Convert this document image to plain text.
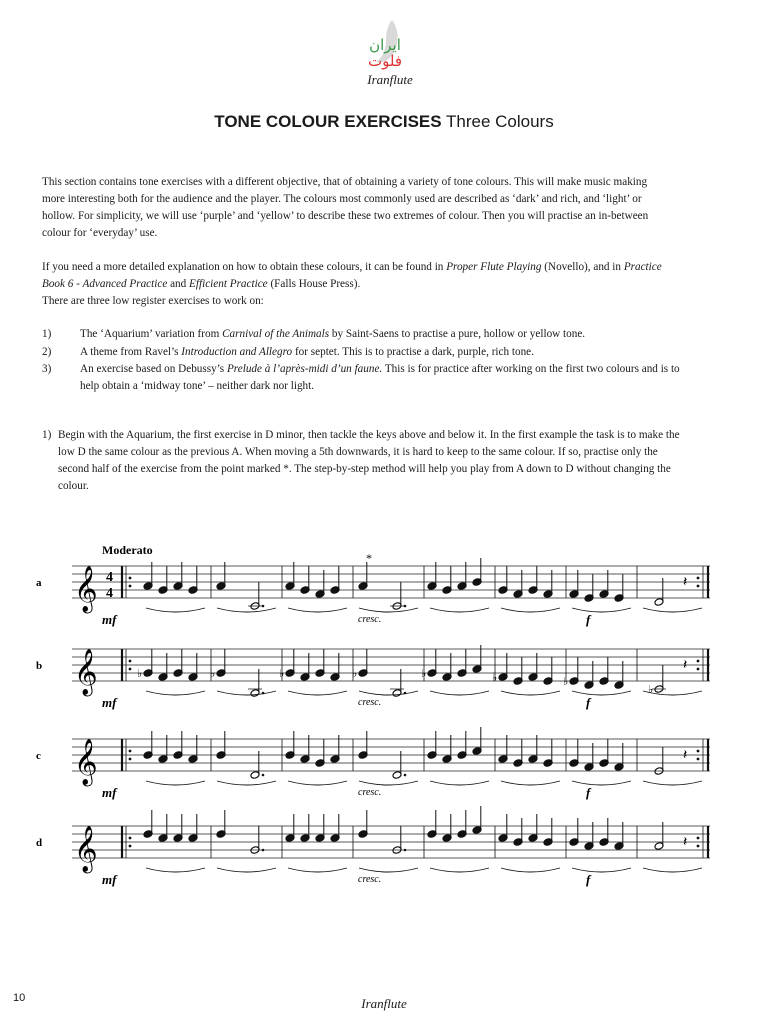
ایران
فلوت
Iranflute
TONE COLOUR EXERCISES Three Colours

This section contains tone exercises with a different objective, that of obtaining a variety of tone colours. This will make music making more interesting both for the audience and the player. The colours most commonly used are described as ‘dark’ and rich, and ‘light’ or hollow. For simplicity, we will use ‘purple’ and ‘yellow’ to describe these two extremes of colour. Then you will practise an in-between colour for ‘everyday’ use.

If you need a more detailed explanation on how to obtain these colours, it can be found in Proper Flute Playing (Novello), and in Practice Book 6 - Advanced Practice and Efficient Practice (Falls House Press).
There are three low register exercises to work on:

1)	The ‘Aquarium’ variation from Carnival of the Animals by Saint-Saens to practise a pure, hollow or yellow tone.
2)	A theme from Ravel’s Introduction and Allegro for septet. This is to practise a dark, purple, rich tone.
3)	An exercise based on Debussy’s Prelude à l’après-midi d’un faune. This is for practice after working on the first two colours and is to help obtain a ‘midway tone’ – neither dark nor light.
1) Begin with the Aquarium, the first exercise in D minor, then tackle the keys above and below it. In the first example the task is to make the low D the same colour as the previous A. When moving a 5th downwards, it is hard to keep to the same colour. If so, practise only the second half of the exercise from the point marked *. The step-by-step method will help you play from A down to D without changing the colour.
Moderato
a 𝄞 4
4
𝄽
mf	cresc.	f
*
b 𝄞	♭	♭	♭	♭	♭	♭	♭
♭
𝄽
mf	cresc.	f
c 𝄞	𝄽
mf	cresc.	f
d 𝄞	𝄽
mf	cresc.	f
10	Iranflute
